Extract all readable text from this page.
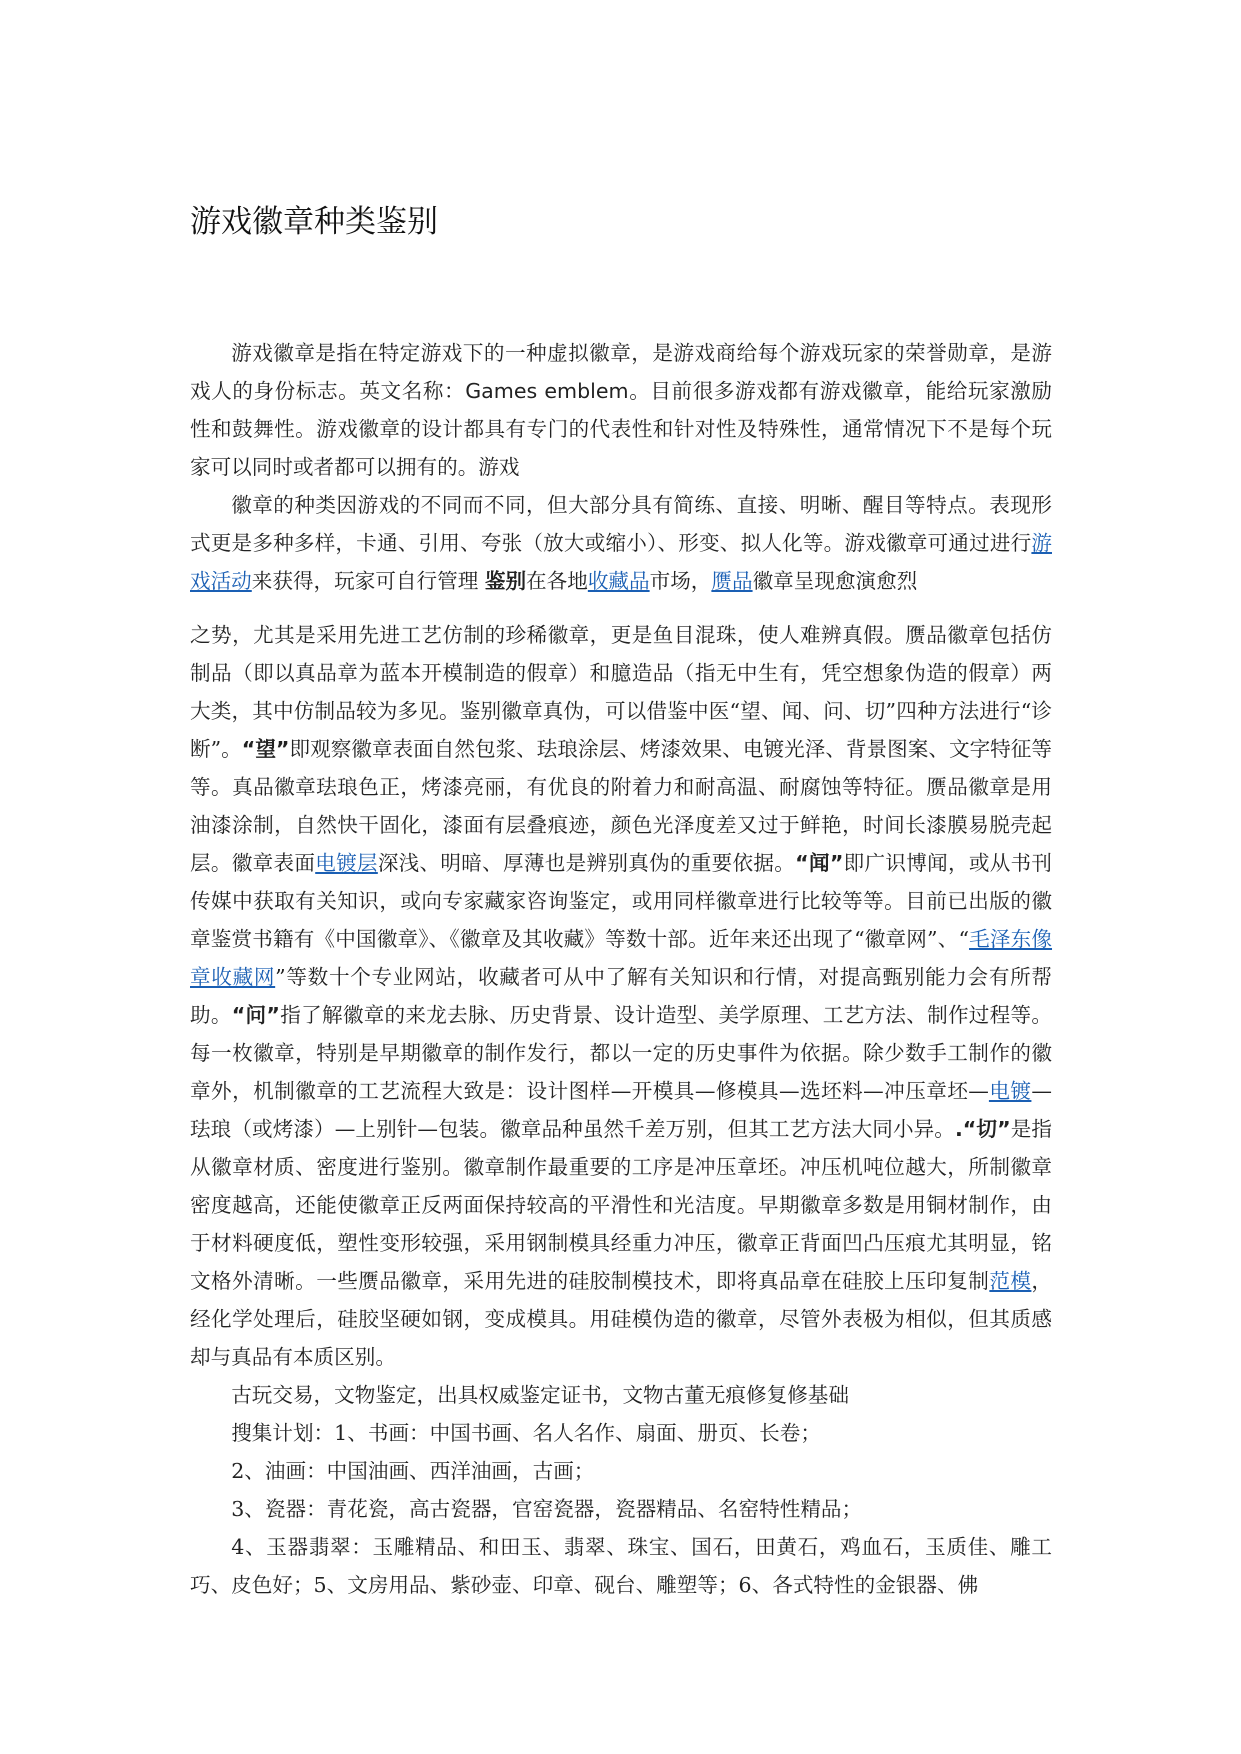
游戏徽章种类鉴别

游戏徽章是指在特定游戏下的一种虚拟徽章，是游戏商给每个游戏玩家的荣誉勋章，是游戏人的身份标志。英文名称：Games emblem。目前很多游戏都有游戏徽章，能给玩家激励性和鼓舞性。游戏徽章的设计都具有专门的代表性和针对性及特殊性，通常情况下不是每个玩家可以同时或者都可以拥有的。游戏

徽章的种类因游戏的不同而不同，但大部分具有简练、直接、明晰、醒目等特点。表现形式更是多种多样，卡通、引用、夸张（放大或缩小）、形变、拟人化等。游戏徽章可通过进行游戏活动来获得，玩家可自行管理 鉴别在各地收藏品市场，赝品徽章呈现愈演愈烈

之势，尤其是采用先进工艺仿制的珍稀徽章，更是鱼目混珠，使人难辨真假。赝品徽章包括仿制品（即以真品章为蓝本开模制造的假章）和臆造品（指无中生有，凭空想象伪造的假章）两大类，其中仿制品较为多见。鉴别徽章真伪，可以借鉴中医“望、闻、问、切”四种方法进行“诊断”。“望”即观察徽章表面自然包浆、珐琅涂层、烤漆效果、电镀光泽、背景图案、文字特征等等。真品徽章珐琅色正，烤漆亮丽，有优良的附着力和耐高温、耐腐蚀等特征。赝品徽章是用油漆涂制，自然快干固化，漆面有层叠痕迹，颜色光泽度差又过于鲜艳，时间长漆膜易脱壳起层。徽章表面电镀层深浅、明暗、厚薄也是辨别真伪的重要依据。“闻”即广识博闻，或从书刊传媒中获取有关知识，或向专家藏家咨询鉴定，或用同样徽章进行比较等等。目前已出版的徽章鉴赏书籍有《中国徽章》、《徽章及其收藏》等数十部。近年来还出现了“徽章网”、“毛泽东像章收藏网”等数十个专业网站，收藏者可从中了解有关知识和行情，对提高甄别能力会有所帮助。“问”指了解徽章的来龙去脉、历史背景、设计造型、美学原理、工艺方法、制作过程等。每一枚徽章，特别是早期徽章的制作发行，都以一定的历史事件为依据。除少数手工制作的徽章外，机制徽章的工艺流程大致是：设计图样—开模具—修模具—选坯料—冲压章坯—电镀—珐琅（或烤漆）—上别针—包装。徽章品种虽然千差万别，但其工艺方法大同小异。.“切”是指从徽章材质、密度进行鉴别。徽章制作最重要的工序是冲压章坯。冲压机吨位越大，所制徽章密度越高，还能使徽章正反两面保持较高的平滑性和光洁度。早期徽章多数是用铜材制作，由于材料硬度低，塑性变形较强，采用钢制模具经重力冲压，徽章正背面凹凸压痕尤其明显，铭文格外清晰。一些赝品徽章，采用先进的硅胶制模技术，即将真品章在硅胶上压印复制范模，经化学处理后，硅胶坚硬如钢，变成模具。用硅模伪造的徽章，尽管外表极为相似，但其质感却与真品有本质区别。

古玩交易，文物鉴定，出具权威鉴定证书，文物古董无痕修复修基础

搜集计划：1、书画：中国书画、名人名作、扇面、册页、长卷；

2、油画：中国油画、西洋油画，古画；

3、瓷器：青花瓷，高古瓷器，官窑瓷器，瓷器精品、名窑特性精品；

4、玉器翡翠：玉雕精品、和田玉、翡翠、珠宝、国石，田黄石，鸡血石，玉质佳、雕工巧、皮色好；5、文房用品、紫砂壶、印章、砚台、雕塑等；6、各式特性的金银器、佛
